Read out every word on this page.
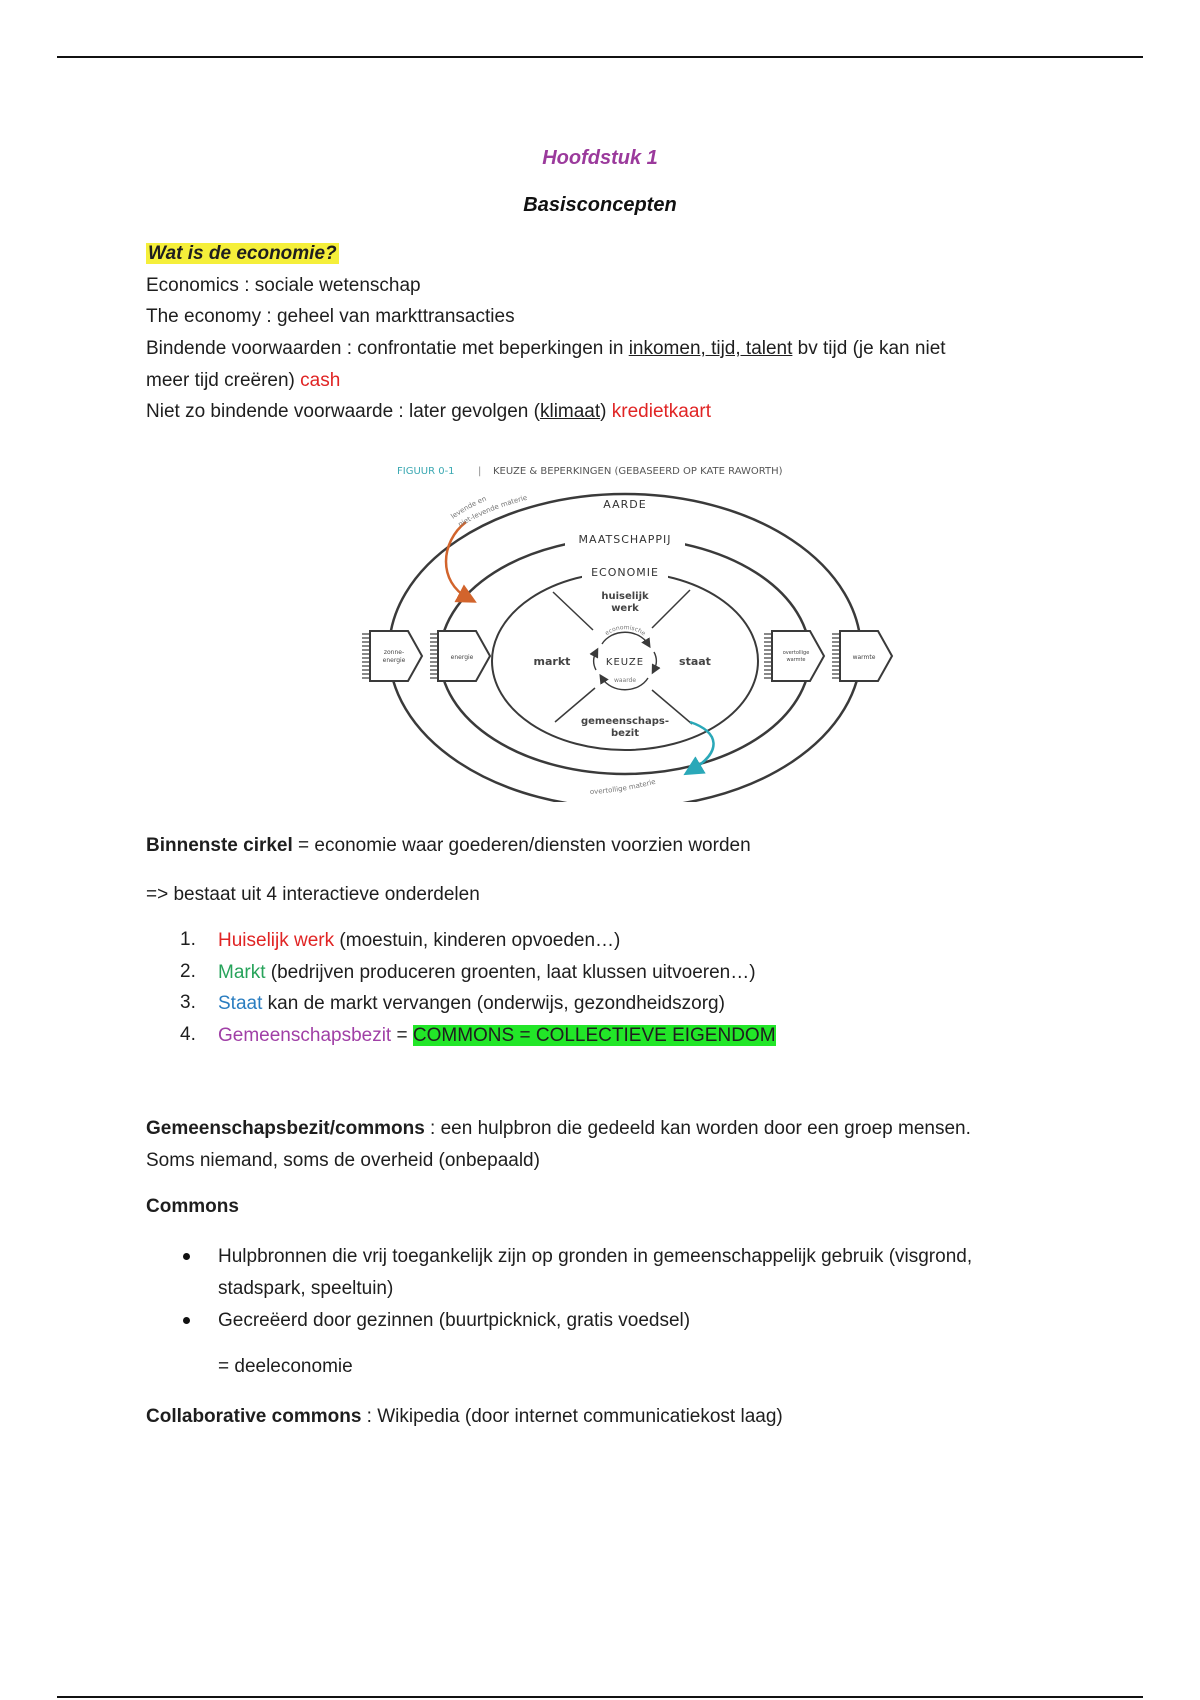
Hoofdstuk 1
Basisconcepten
Wat is de economie?
Economics : sociale wetenschap
The economy : geheel van markttransacties
Bindende voorwaarden : confrontatie met beperkingen in inkomen, tijd, talent bv tijd (je kan niet
meer tijd creëren) cash
Niet zo bindende voorwaarde : later gevolgen (klimaat) kredietkaart
FIGUUR 0-1 | KEUZE & BEPERKINGEN (GEBASEERD OP KATE RAWORTH)
AARDE
MAATSCHAPPIJ
ECONOMIE
huiselijk
werk
markt	staat
gemeenschaps-
bezit
KEUZE
economische
waarde
levende en
niet-levende materie
overtollige materie
zonne-
energie	energie
overtollige
warmte	warmte
Binnenste cirkel = economie waar goederen/diensten voorzien worden
=> bestaat uit 4 interactieve onderdelen
1. Huiselijk werk (moestuin, kinderen opvoeden…)
2. Markt (bedrijven produceren groenten, laat klussen uitvoeren…)
3. Staat kan de markt vervangen (onderwijs, gezondheidszorg)
4. Gemeenschapsbezit = COMMONS = COLLECTIEVE EIGENDOM
Gemeenschapsbezit/commons : een hulpbron die gedeeld kan worden door een groep mensen.
Soms niemand, soms de overheid (onbepaald)
Commons
Hulpbronnen die vrij toegankelijk zijn op gronden in gemeenschappelijk gebruik (visgrond,
stadspark, speeltuin)
Gecreëerd door gezinnen (buurtpicknick, gratis voedsel)
= deeleconomie
Collaborative commons : Wikipedia (door internet communicatiekost laag)
